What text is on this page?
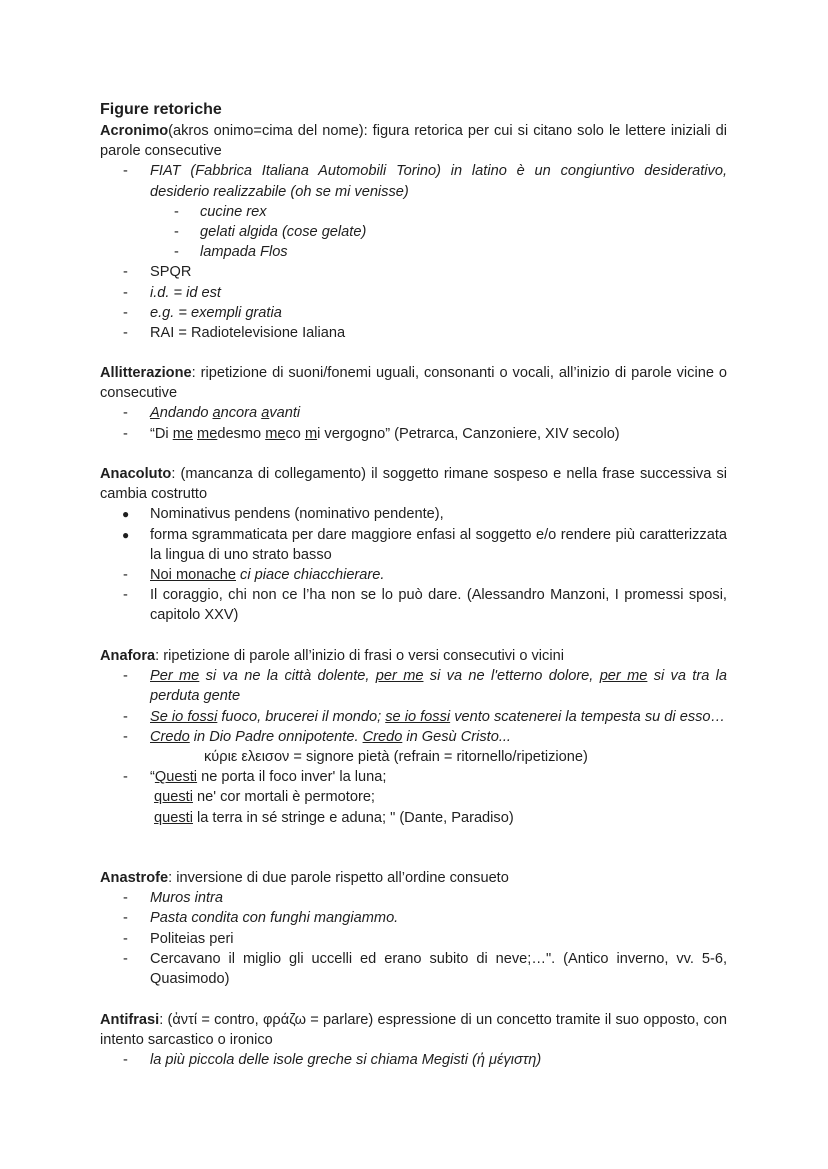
Figure retoriche
Acronimo(akros onimo=cima del nome): figura retorica per cui si citano solo le lettere iniziali di parole consecutive
- FIAT (Fabbrica Italiana Automobili Torino) in latino è un congiuntivo desiderativo, desiderio realizzabile (oh se mi venisse)
- cucine rex
- gelati algida (cose gelate)
- lampada Flos
- SPQR
- i.d. = id est
- e.g. = exempli gratia
- RAI = Radiotelevisione Ialiana
Allitterazione: ripetizione di suoni/fonemi uguali, consonanti o vocali, all’inizio di parole vicine o consecutive
- Andando ancora avanti
- “Di me medesmo meco mi vergogno” (Petrarca, Canzoniere, XIV secolo)
Anacoluto: (mancanza di collegamento) il soggetto rimane sospeso e nella frase successiva si cambia costrutto
● Nominativus pendens (nominativo pendente),
● forma sgrammaticata per dare maggiore enfasi al soggetto e/o rendere più caratterizzata la lingua di uno strato basso
- Noi monache ci piace chiacchierare.
- Il coraggio, chi non ce l’ha non se lo può dare. (Alessandro Manzoni, I promessi sposi, capitolo XXV)
Anafora: ripetizione di parole all’inizio di frasi o versi consecutivi o vicini
- Per me si va ne la città dolente, per me si va ne l'etterno dolore, per me si va tra la perduta gente
- Se io fossi fuoco, brucerei il mondo; se io fossi vento scatenerei la tempesta su di esso…
- Credo in Dio Padre onnipotente. Credo in Gesù Cristo...
κύριε ελεισον = signore pietà (refrain = ritornello/ripetizione)
- “Questi ne porta il foco inver' la luna;
questi ne' cor mortali è permotore;
questi la terra in sé stringe e aduna; " (Dante, Paradiso)
Anastrofe: inversione di due parole rispetto all’ordine consueto
- Muros intra
- Pasta condita con funghi mangiammo.
- Politeias peri
- Cercavano il miglio gli uccelli ed erano subito di neve;…". (Antico inverno, vv. 5-6, Quasimodo)
Antifrasi: (ἀντί = contro, φράζω = parlare) espressione di un concetto tramite il suo opposto, con intento sarcastico o ironico
- la più piccola delle isole greche si chiama Megisti (ἡ μέγιστη)
